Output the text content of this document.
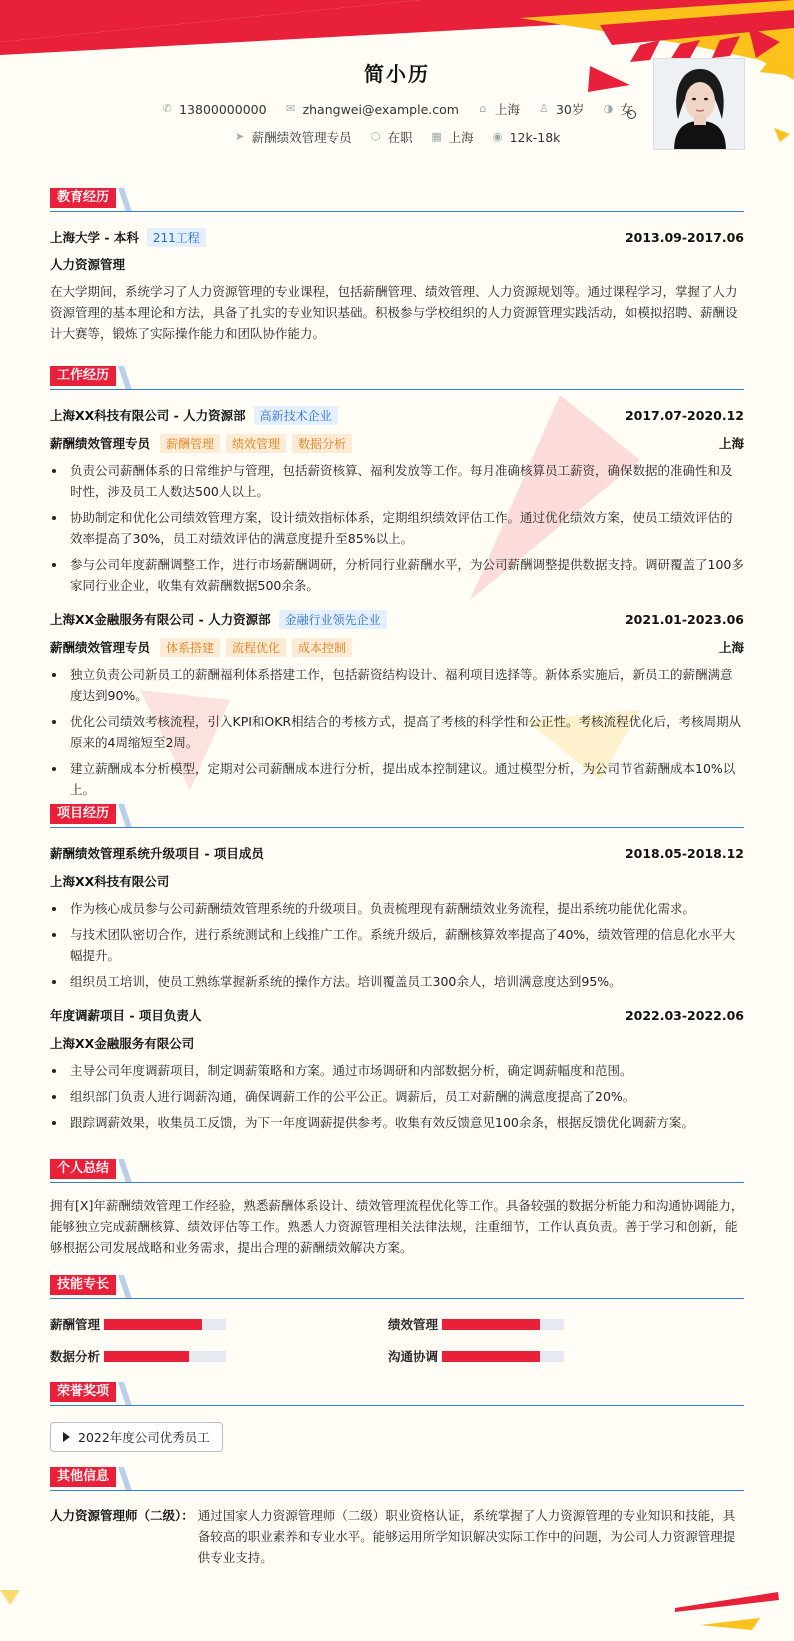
简小历
✆ 13800000000 ✉ zhangwei@example.com ⌂ 上海 ♙ 30岁 ◑ 女
➤ 薪酬绩效管理专员 ⬡ 在职 ▦ 上海 ◉ 12k-18k
教育经历
上海大学 - 本科	211工程	2013.09-2017.06
人力资源管理
在大学期间，系统学习了人力资源管理的专业课程，包括薪酬管理、绩效管理、人力资源规划等。通过课程学习，掌握了人力资源管理的基本理论和方法，具备了扎实的专业知识基础。积极参与学校组织的人力资源管理实践活动，如模拟招聘、薪酬设计大赛等，锻炼了实际操作能力和团队协作能力。
工作经历
上海XX科技有限公司 - 人力资源部	高新技术企业	2017.07-2020.12
薪酬绩效管理专员	薪酬管理	绩效管理	数据分析	上海
负责公司薪酬体系的日常维护与管理，包括薪资核算、福利发放等工作。每月准确核算员工薪资，确保数据的准确性和及时性，涉及员工人数达500人以上。
协助制定和优化公司绩效管理方案，设计绩效指标体系，定期组织绩效评估工作。通过优化绩效方案，使员工绩效评估的效率提高了30%，员工对绩效评估的满意度提升至85%以上。
参与公司年度薪酬调整工作，进行市场薪酬调研，分析同行业薪酬水平，为公司薪酬调整提供数据支持。调研覆盖了100多家同行业企业，收集有效薪酬数据500余条。
上海XX金融服务有限公司 - 人力资源部	金融行业领先企业	2021.01-2023.06
薪酬绩效管理专员	体系搭建	流程优化	成本控制	上海
独立负责公司新员工的薪酬福利体系搭建工作，包括薪资结构设计、福利项目选择等。新体系实施后，新员工的薪酬满意度达到90%。
优化公司绩效考核流程，引入KPI和OKR相结合的考核方式，提高了考核的科学性和公正性。考核流程优化后，考核周期从原来的4周缩短至2周。
建立薪酬成本分析模型，定期对公司薪酬成本进行分析，提出成本控制建议。通过模型分析，为公司节省薪酬成本10%以上。
项目经历
薪酬绩效管理系统升级项目 - 项目成员	2018.05-2018.12
上海XX科技有限公司
作为核心成员参与公司薪酬绩效管理系统的升级项目。负责梳理现有薪酬绩效业务流程，提出系统功能优化需求。
与技术团队密切合作，进行系统测试和上线推广工作。系统升级后，薪酬核算效率提高了40%，绩效管理的信息化水平大幅提升。
组织员工培训，使员工熟练掌握新系统的操作方法。培训覆盖员工300余人，培训满意度达到95%。
年度调薪项目 - 项目负责人	2022.03-2022.06
上海XX金融服务有限公司
主导公司年度调薪项目，制定调薪策略和方案。通过市场调研和内部数据分析，确定调薪幅度和范围。
组织部门负责人进行调薪沟通，确保调薪工作的公平公正。调薪后，员工对薪酬的满意度提高了20%。
跟踪调薪效果，收集员工反馈，为下一年度调薪提供参考。收集有效反馈意见100余条，根据反馈优化调薪方案。
个人总结
拥有[X]年薪酬绩效管理工作经验，熟悉薪酬体系设计、绩效管理流程优化等工作。具备较强的数据分析能力和沟通协调能力，能够独立完成薪酬核算、绩效评估等工作。熟悉人力资源管理相关法律法规，注重细节，工作认真负责。善于学习和创新，能够根据公司发展战略和业务需求，提出合理的薪酬绩效解决方案。
技能专长
薪酬管理	绩效管理
数据分析	沟通协调
荣誉奖项
2022年度公司优秀员工
其他信息
人力资源管理师（二级）： 通过国家人力资源管理师（二级）职业资格认证，系统掌握了人力资源管理的专业知识和技能，具备较高的职业素养和专业水平。能够运用所学知识解决实际工作中的问题，为公司人力资源管理提供专业支持。
